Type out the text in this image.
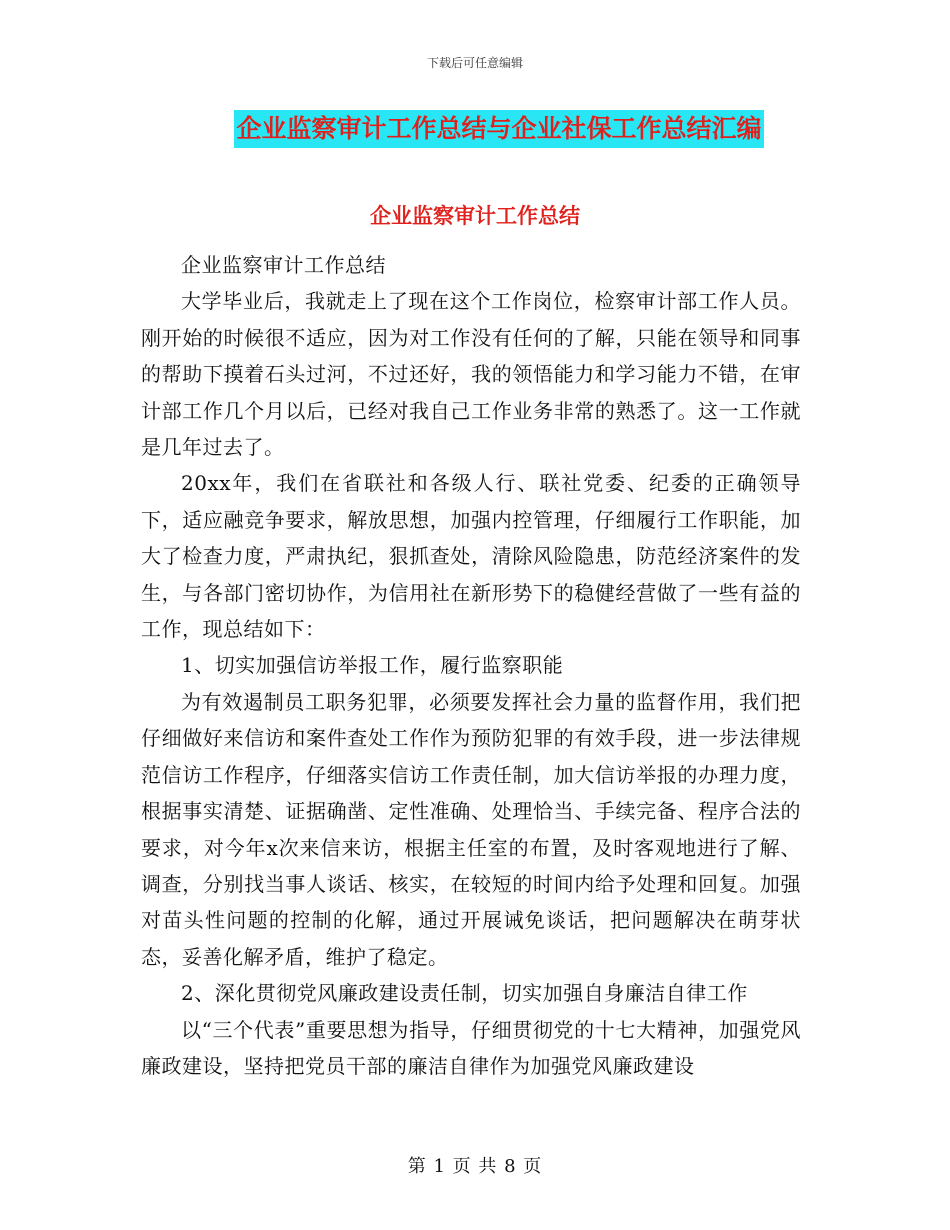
下载后可任意编辑
企业监察审计工作总结与企业社保工作总结汇编
企业监察审计工作总结

企业监察审计工作总结

大学毕业后，我就走上了现在这个工作岗位，检察审计部工作人员。刚开始的时候很不适应，因为对工作没有任何的了解，只能在领导和同事的帮助下摸着石头过河，不过还好，我的领悟能力和学习能力不错，在审计部工作几个月以后，已经对我自己工作业务非常的熟悉了。这一工作就是几年过去了。

20xx年，我们在省联社和各级人行、联社党委、纪委的正确领导下，适应融竞争要求，解放思想，加强内控管理，仔细履行工作职能，加大了检查力度，严肃执纪，狠抓查处，清除风险隐患，防范经济案件的发生，与各部门密切协作，为信用社在新形势下的稳健经营做了一些有益的工作，现总结如下：

1、切实加强信访举报工作，履行监察职能

为有效遏制员工职务犯罪，必须要发挥社会力量的监督作用，我们把仔细做好来信访和案件查处工作作为预防犯罪的有效手段，进一步法律规范信访工作程序，仔细落实信访工作责任制，加大信访举报的办理力度，根据事实清楚、证据确凿、定性准确、处理恰当、手续完备、程序合法的要求，对今年x次来信来访，根据主任室的布置，及时客观地进行了解、调查，分别找当事人谈话、核实，在较短的时间内给予处理和回复。加强对苗头性问题的控制的化解，通过开展诫免谈话，把问题解决在萌芽状态，妥善化解矛盾，维护了稳定。

2、深化贯彻党风廉政建设责任制，切实加强自身廉洁自律工作

以“三个代表”重要思想为指导，仔细贯彻党的十七大精神，加强党风廉政建设，坚持把党员干部的廉洁自律作为加强党风廉政建设

第 1 页 共 8 页
